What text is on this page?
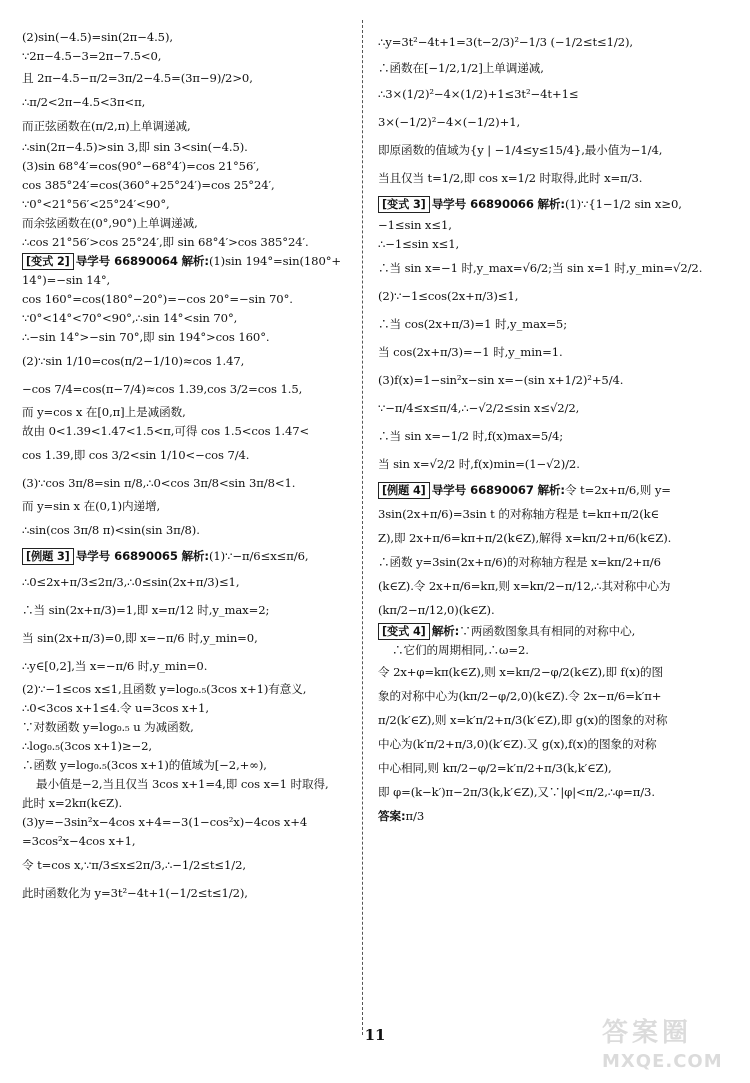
(2)sin(−4.5)=sin(2π−4.5),
∵2π−4.5−3=2π−7.5<0,
且 2π−4.5−π/2=3π/2−4.5=(3π−9)/2>0,
∴π/2<2π−4.5<3π<π,
而正弦函数在(π/2,π)上单调递减,
∴sin(2π−4.5)>sin 3,即 sin 3<sin(−4.5).
(3)sin 68°4′=cos(90°−68°4′)=cos 21°56′,
cos 385°24′=cos(360°+25°24′)=cos 25°24′,
∵0°<21°56′<25°24′<90°,
而余弦函数在(0°,90°)上单调递减,
∴cos 21°56′>cos 25°24′,即 sin 68°4′>cos 385°24′.
[变式 2] 导学号 66890064 解析:(1)sin 194°=sin(180°+
14°)=−sin 14°,
cos 160°=cos(180°−20°)=−cos 20°=−sin 70°.
∵0°<14°<70°<90°,∴sin 14°<sin 70°,
∴−sin 14°>−sin 70°,即 sin 194°>cos 160°.
(2)∵sin 1/10=cos(π/2−1/10)≈cos 1.47,
−cos 7/4=cos(π−7/4)≈cos 1.39,cos 3/2=cos 1.5,
而 y=cos x 在[0,π]上是减函数,
故由 0<1.39<1.47<1.5<π,可得 cos 1.5<cos 1.47<
cos 1.39,即 cos 3/2<sin 1/10<−cos 7/4.
(3)∵cos 3π/8=sin π/8,∴0<cos 3π/8<sin 3π/8<1.
而 y=sin x 在(0,1)内递增,
∴sin(cos 3π/8 π)<sin(sin 3π/8).
[例题 3] 导学号 66890065 解析:(1)∵−π/6≤x≤π/6,
∴0≤2x+π/3≤2π/3,∴0≤sin(2x+π/3)≤1,
∴当 sin(2x+π/3)=1,即 x=π/12 时,y_max=2;
当 sin(2x+π/3)=0,即 x=−π/6 时,y_min=0,
∴y∈[0,2],当 x=−π/6 时,y_min=0.
(2)∵−1≤cos x≤1,且函数 y=log₀.₅(3cos x+1)有意义,
∴0<3cos x+1≤4.令 u=3cos x+1,
∵对数函数 y=log₀.₅ u 为减函数,
∴log₀.₅(3cos x+1)≥−2,
∴函数 y=log₀.₅(3cos x+1)的值域为[−2,+∞),
最小值是−2,当且仅当 3cos x+1=4,即 cos x=1 时取得,
此时 x=2kπ(k∈Z).
(3)y=−3sin²x−4cos x+4=−3(1−cos²x)−4cos x+4
=3cos²x−4cos x+1,
令 t=cos x,∵π/3≤x≤2π/3,∴−1/2≤t≤1/2,
此时函数化为 y=3t²−4t+1(−1/2≤t≤1/2),
∴y=3t²−4t+1=3(t−2/3)²−1/3 (−1/2≤t≤1/2),
∴函数在[−1/2,1/2]上单调递减,
∴3×(1/2)²−4×(1/2)+1≤3t²−4t+1≤
3×(−1/2)²−4×(−1/2)+1,
即原函数的值域为{y | −1/4≤y≤15/4},最小值为−1/4,
当且仅当 t=1/2,即 cos x=1/2 时取得,此时 x=π/3.
[变式 3] 导学号 66890066 解析:(1)∵{1−1/2 sin x≥0,
−1≤sin x≤1,
∴−1≤sin x≤1,
∴当 sin x=−1 时,y_max=√6/2;当 sin x=1 时,y_min=√2/2.
(2)∵−1≤cos(2x+π/3)≤1,
∴当 cos(2x+π/3)=1 时,y_max=5;
当 cos(2x+π/3)=−1 时,y_min=1.
(3)f(x)=1−sin²x−sin x=−(sin x+1/2)²+5/4.
∵−π/4≤x≤π/4,∴−√2/2≤sin x≤√2/2,
∴当 sin x=−1/2 时,f(x)max=5/4;
当 sin x=√2/2 时,f(x)min=(1−√2)/2.
[例题 4] 导学号 66890067 解析:令 t=2x+π/6,则 y=
3sin(2x+π/6)=3sin t 的对称轴方程是 t=kπ+π/2(k∈
Z),即 2x+π/6=kπ+π/2(k∈Z),解得 x=kπ/2+π/6(k∈Z).
∴函数 y=3sin(2x+π/6)的对称轴方程是 x=kπ/2+π/6
(k∈Z).令 2x+π/6=kπ,则 x=kπ/2−π/12,∴其对称中心为
(kπ/2−π/12,0)(k∈Z).
[变式 4] 解析:∵两函数图象具有相同的对称中心,
∴它们的周期相同,∴ω=2.
令 2x+φ=kπ(k∈Z),则 x=kπ/2−φ/2(k∈Z),即 f(x)的图
象的对称中心为(kπ/2−φ/2,0)(k∈Z).令 2x−π/6=k′π+
π/2(k′∈Z),则 x=k′π/2+π/3(k′∈Z),即 g(x)的图象的对称
中心为(k′π/2+π/3,0)(k′∈Z).又 g(x),f(x)的图象的对称
中心相同,则 kπ/2−φ/2=k′π/2+π/3(k,k′∈Z),
即 φ=(k−k′)π−2π/3(k,k′∈Z),又∵|φ|<π/2,∴φ=π/3.
答案:π/3
11	答案圈
MXQE.COM
